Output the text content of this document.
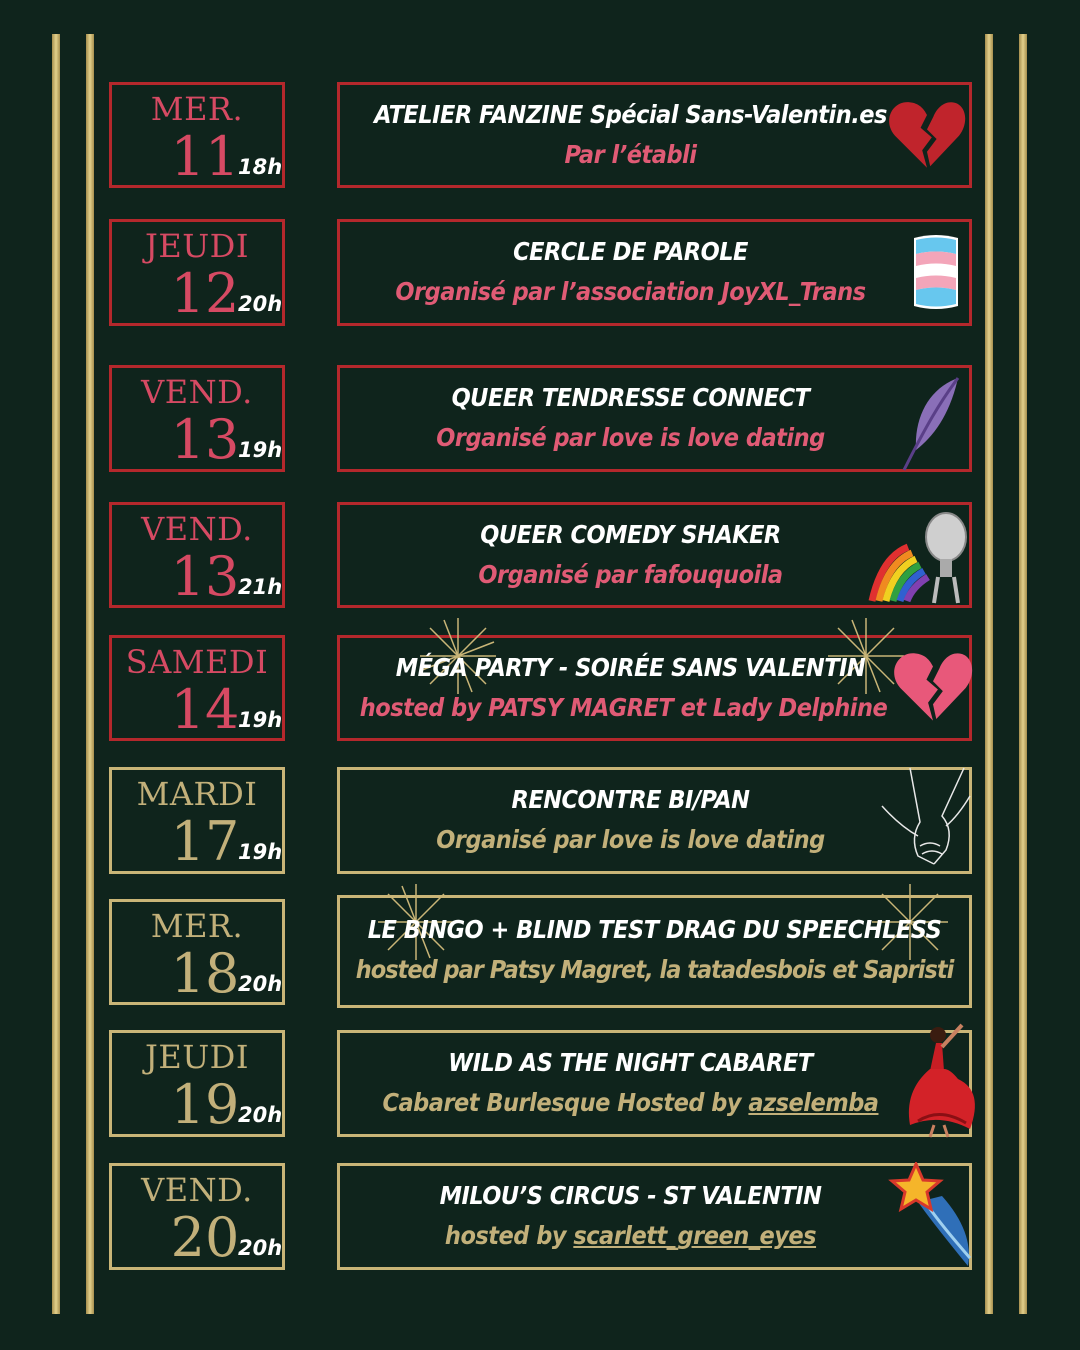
MER.
11
18h
ATELIER FANZINE Spécial Sans-Valentin.es
Par l’établi
JEUDI
12
20h
CERCLE DE PAROLE
Organisé par l’association JoyXL_Trans
VEND.
13
19h
QUEER TENDRESSE CONNECT
Organisé par love is love dating
VEND.
13
21h
QUEER COMEDY SHAKER
Organisé par fafouquoila
SAMEDI
14
19h
MÉGA PARTY - SOIRÉE SANS VALENTIN
hosted by PATSY MAGRET et Lady Delphine
MARDI
17
19h
RENCONTRE BI/PAN
Organisé par love is love dating
MER.
18
20h
LE BINGO + BLIND TEST DRAG DU SPEECHLESS
hosted par Patsy Magret, la tatadesbois et Sapristi
JEUDI
19
20h
WILD AS THE NIGHT CABARET
Cabaret Burlesque Hosted by azselemba
VEND.
20
20h
MILOU’S CIRCUS - ST VALENTIN
hosted by scarlett_green_eyes
